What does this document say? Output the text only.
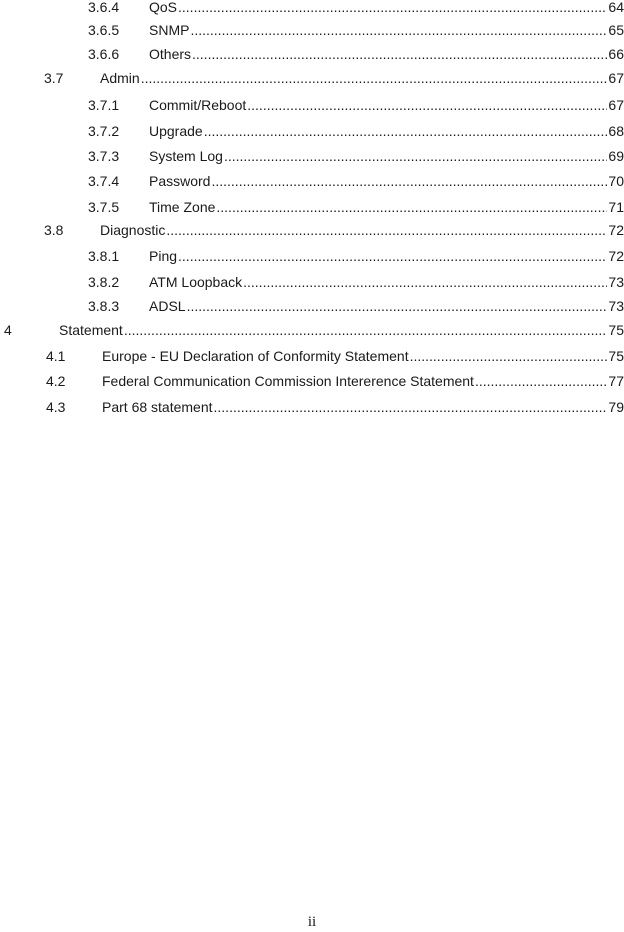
3.6.4	QoS .....	64
3.6.5	SNMP .....	65
3.6.6	Others .....	66
3.7	Admin .....	67
3.7.1	Commit/Reboot .....	67
3.7.2	Upgrade .....	68
3.7.3	System Log .....	69
3.7.4	Password .....	70
3.7.5	Time Zone .....	71
3.8	Diagnostic .....	72
3.8.1	Ping .....	72
3.8.2	ATM Loopback .....	73
3.8.3	ADSL .....	73
4	Statement .....	75
4.1	Europe - EU Declaration of Conformity Statement .....	75
4.2	Federal Communication Commission Intererence Statement .....	77
4.3	Part 68 statement .....	79
ii
